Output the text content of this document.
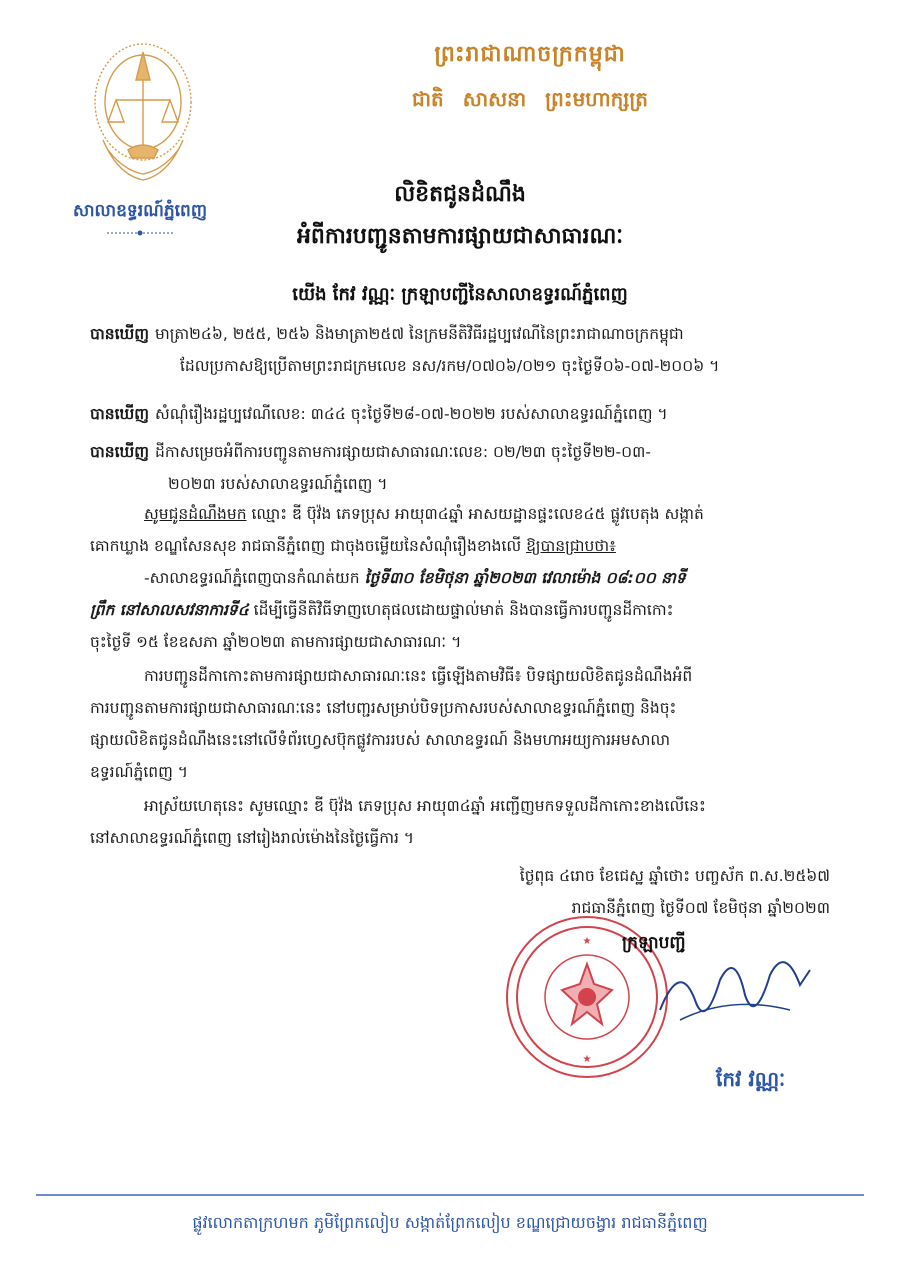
សាលាឧទ្ធរណ៍ភ្នំពេញ
ព្រះរាជាណាចក្រកម្ពុជា
ជាតិ សាសនា ព្រះមហាក្សត្រ
លិខិតជូនដំណឹង
អំពីការបញ្ជូនតាមការផ្សាយជាសាធារណៈ
យើង កែវ វណ្ណៈ ក្រឡាបញ្ជីនៃសាលាឧទ្ធរណ៍ភ្នំពេញ
បានឃើញ មាត្រា២៤៦, ២៥៥, ២៥៦ និងមាត្រា២៥៧ នៃក្រមនីតិវិធីរដ្ឋប្បវេណីនៃព្រះរាជាណាចក្រកម្ពុជា
ដែលប្រកាសឱ្យប្រើតាមព្រះរាជក្រមលេខ នស/រកម/០៧០៦/០២១ ចុះថ្ងៃទី០៦-០៧-២០០៦ ។
បានឃើញ សំណុំរឿងរដ្ឋប្បវេណីលេខ: ៣៤៤ ចុះថ្ងៃទី២៨-០៧-២០២២ របស់សាលាឧទ្ធរណ៍ភ្នំពេញ ។
បានឃើញ ដីកាសម្រេចអំពីការបញ្ជូនតាមការផ្សាយជាសាធារណៈលេខ: ០២/២៣ ចុះថ្ងៃទី២២-០៣-
២០២៣ របស់សាលាឧទ្ធរណ៍ភ្នំពេញ ។
សូមជូនដំណឹងមក ឈ្មោះ ឌី ប៊ុវ៉ង ភេទប្រុស អាយុ៣៤ឆ្នាំ អាសយដ្ឋានផ្ទះលេខ៤៥ ផ្លូវបេតុង សង្កាត់
គោកឃ្លាង ខណ្ឌសែនសុខ រាជធានីភ្នំពេញ ជាចុងចម្លើយនៃសំណុំរឿងខាងលើ ឱ្យបានជ្រាបថា៖
-សាលាឧទ្ធរណ៍ភ្នំពេញបានកំណត់យក ថ្ងៃទី៣០ ខែមិថុនា ឆ្នាំ២០២៣ វេលាម៉ោង ០៨:០០ នាទី
ព្រឹក នៅសាលសវនាការទី៤ ដើម្បីធ្វើនីតិវិធីទាញហេតុផលដោយផ្ទាល់មាត់ និងបានធ្វើការបញ្ជូនដីកាកោះ
ចុះថ្ងៃទី ១៥ ខែឧសភា ឆ្នាំ២០២៣ តាមការផ្សាយជាសាធារណៈ ។
ការបញ្ជូនដីកាកោះតាមការផ្សាយជាសាធារណៈនេះ ធ្វើឡើងតាមវិធី៖ បិទផ្សាយលិខិតជូនដំណឹងអំពី
ការបញ្ជូនតាមការផ្សាយជាសាធារណៈនេះ នៅបញ្ជរសម្រាប់បិទប្រកាសរបស់សាលាឧទ្ធរណ៍ភ្នំពេញ និងចុះ
ផ្សាយលិខិតជូនដំណឹងនេះនៅលើទំព័រហ្វេសប៊ុកផ្លូវការរបស់ សាលាឧទ្ធរណ៍ និងមហាអយ្យការអមសាលា
ឧទ្ធរណ៍ភ្នំពេញ ។
អាស្រ័យហេតុនេះ សូមឈ្មោះ ឌី ប៊ុវ៉ង ភេទប្រុស អាយុ៣៤ឆ្នាំ អញ្ជើញមកទទួលដីកាកោះខាងលើនេះ
នៅសាលាឧទ្ធរណ៍ភ្នំពេញ នៅរៀងរាល់ម៉ោងនៃថ្ងៃធ្វើការ ។
ថ្ងៃពុធ ៤រោច ខែជេស្ឋ ឆ្នាំថោះ បញ្ចស័ក ព.ស.២៥៦៧
រាជធានីភ្នំពេញ ថ្ងៃទី០៧ ខែមិថុនា ឆ្នាំ២០២៣
★
★
ក្រឡាបញ្ជី
កែវ វណ្ណៈ
ផ្លូវលោកតាក្រហមក ភូមិព្រែកលៀប សង្កាត់ព្រែកលៀប ខណ្ឌជ្រោយចង្វារ រាជធានីភ្នំពេញ
